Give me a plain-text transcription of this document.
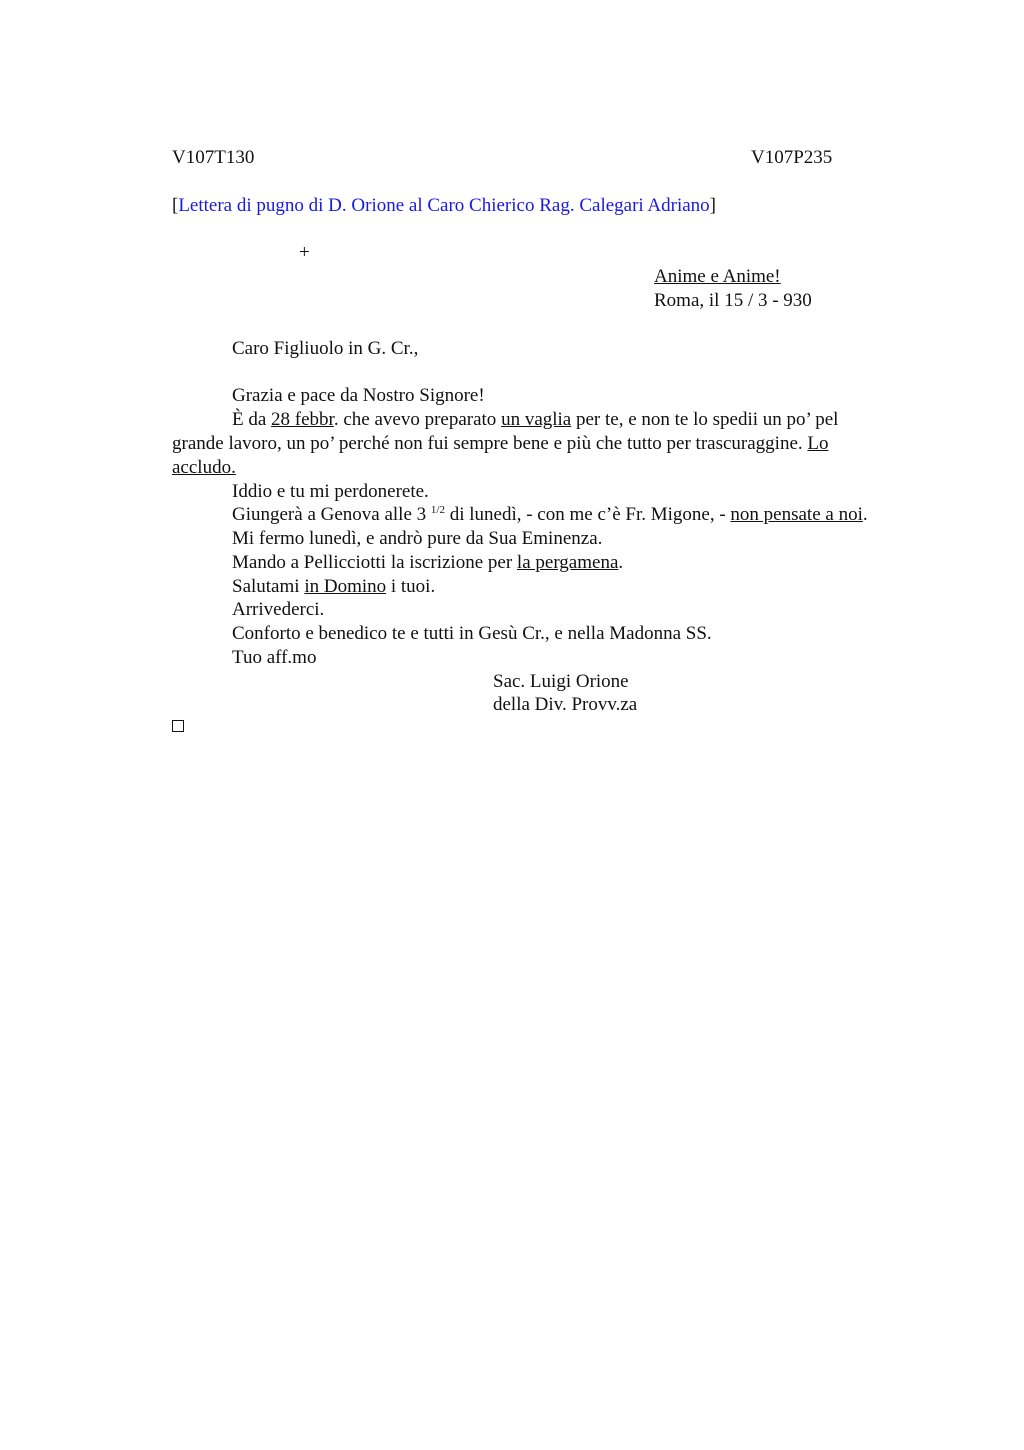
V107T130	V107P235
[Lettera di pugno di D. Orione al Caro Chierico Rag. Calegari Adriano]
+
Anime e Anime!
Roma, il 15 / 3 - 930
Caro Figliuolo in G. Cr.,
Grazia e pace da Nostro Signore!
È da 28 febbr. che avevo preparato un vaglia per te, e non te lo spedii un po’ pel
grande lavoro, un po’ perché non fui sempre bene e più che tutto per trascuraggine. Lo
accludo.
Iddio e tu mi perdonerete.
Giungerà a Genova alle 3 $^{1/2}$ di lunedì, - con me c’è Fr. Migone, - non pensate a noi.
Mi fermo lunedì, e andrò pure da Sua Eminenza.
Mando a Pellicciotti la iscrizione per la pergamena.
Salutami in Domino i tuoi.
Arrivederci.
Conforto e benedico te e tutti in Gesù Cr., e nella Madonna SS.
Tuo aff.mo
Sac. Luigi Orione
della Div. Provv.za
